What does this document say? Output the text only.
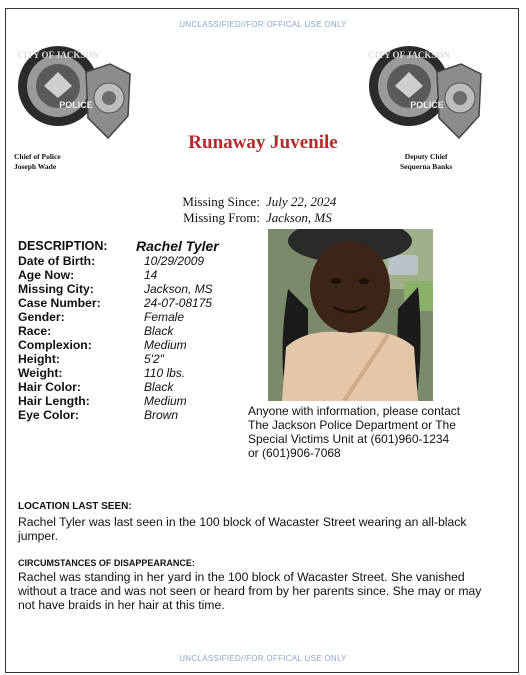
UNCLASSIFIED//FOR OFFICAL USE ONLY
CITY OF JACKSON
POLICE
Chief of Police
Joseph Wade
CITY OF JACKSON
POLICE
Deputy Chief
Sequerna Banks
Runaway Juvenile
Missing Since: July 22, 2024
Missing From: Jackson, MS
DESCRIPTION: Rachel Tyler
Date of Birth:	10/29/2009
Age Now:	14
Missing City:	Jackson, MS
Case Number:	24-07-08175
Gender:	Female
Race:	Black
Complexion:	Medium
Height:	5'2"
Weight:	110 lbs.
Hair Color:	Black
Hair Length:	Medium
Eye Color:	Brown	Anyone with information, please contact The Jackson Police Department or The Special Victims Unit at (601)960-1234 or (601)906-7068
LOCATION LAST SEEN:
Rachel Tyler was last seen in the 100 block of Wacaster Street wearing an all-black jumper.
CIRCUMSTANCES OF DISAPPEARANCE:
Rachel was standing in her yard in the 100 block of Wacaster Street. She vanished without a trace and was not seen or heard from by her parents since. She may or may not have braids in her hair at this time.
UNCLASSIFIED//FOR OFFICAL USE ONLY
